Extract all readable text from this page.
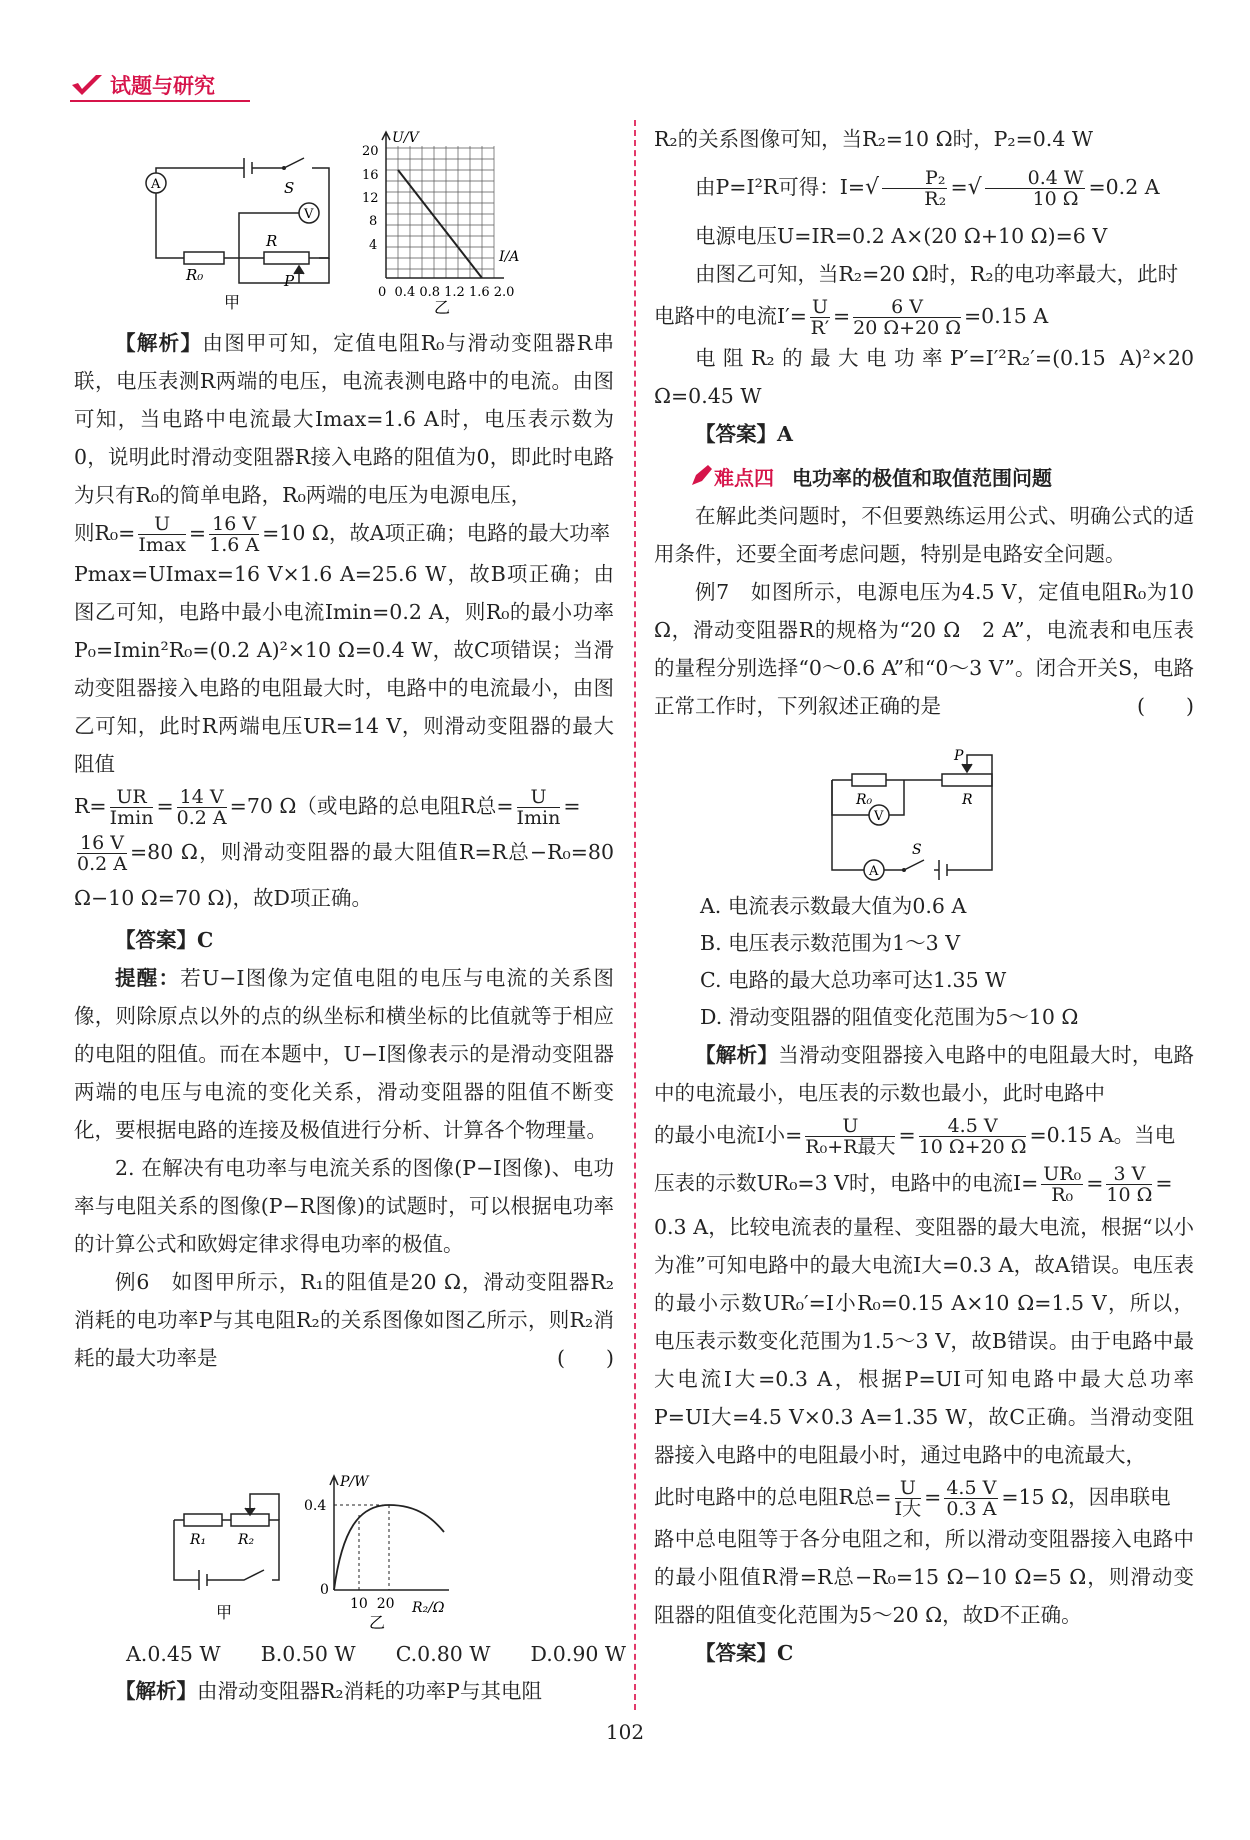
试题与研究
A
V
S
R
R₀	P
甲
U/V
20
16
12
8
4
I/A
0  0.4 0.8 1.2 1.6 2.0
乙

【解析】由图甲可知，定值电阻R₀与滑动变阻器R串联，电压表测R两端的电压，电流表测电路中的电流。由图可知，当电路中电流最大Imax=1.6 A时，电压表示数为0，说明此时滑动变阻器R接入电路的阻值为0，即此时电路为只有R₀的简单电路，R₀两端的电压为电源电压，

则$R_0= \frac{U}{Imax} = \frac{16 V}{1.6 A} =10$ Ω，故A项正确；电路的最大功率

Pmax=UImax=16 V×1.6 A=25.6 W，故B项正确；由图乙可知，电路中最小电流Imin=0.2 A，则R₀的最小功率P₀=Imin²R₀=(0.2 A)²×10 Ω=0.4 W，故C项错误；当滑动变阻器接入电路的电阻最大时，电路中的电流最小，由图乙可知，此时R两端电压UR=14 V，则滑动变阻器的最大阻值

$R= \frac{UR}{Imin} = \frac{14 V}{0.2 A} =70$ Ω（或电路的总电阻R总= $\frac{U}{Imin}$ =

$\frac{16 V}{0.2 A} =80$ Ω，则滑动变阻器的最大阻值R=R总−R₀=80 Ω−10 Ω=70 Ω)，故D项正确。

【答案】C

提醒：若U−I图像为定值电阻的电压与电流的关系图像，则除原点以外的点的纵坐标和横坐标的比值就等于相应的电阻的阻值。而在本题中，U−I图像表示的是滑动变阻器两端的电压与电流的变化关系，滑动变阻器的阻值不断变化，要根据电路的连接及极值进行分析、计算各个物理量。

2. 在解决有电功率与电流关系的图像(P−I图像)、电功率与电阻关系的图像(P−R图像)的试题时，可以根据电功率的计算公式和欧姆定律求得电功率的极值。

例6　如图甲所示，R₁的阻值是20 Ω，滑动变阻器R₂消耗的电功率P与其电阻R₂的关系图像如图乙所示，则R₂消耗的最大功率是	(　　)

R₁ R₂
甲
P/W
0.4
0
10  20 R₂/Ω
乙
A.0.45 W B.0.50 W C.0.80 W D.0.90 W

【解析】由滑动变阻器R₂消耗的功率P与其电阻

R₂的关系图像可知，当R₂=10 Ω时，P₂=0.4 W

由P=I²R可得：$I=√ \frac{\text{P₂}}{\text{R₂}}$ =√ $\frac{0.4 W}{10 \Omega} =0.2$ A

电源电压U=IR=0.2 A×(20 Ω+10 Ω)=6 V

由图乙可知，当R₂=20 Ω时，R₂的电功率最大，此时

电路中的电流$I'= \frac{U}{R'} = \frac{6 V}{20 \Omega+20 \Omega} =0.15$ A

电阻R₂的最大电功率P′=I′²R₂′=(0.15 A)²×20 Ω=0.45 W

【答案】A

难点四 电功率的极值和取值范围问题

在解此类问题时，不但要熟练运用公式、明确公式的适用条件，还要全面考虑问题，特别是电路安全问题。

例7　如图所示，电源电压为4.5 V，定值电阻R₀为10 Ω，滑动变阻器R的规格为“20 Ω　2 A”，电流表和电压表的量程分别选择“0～0.6 A”和“0～3 V”。闭合开关S，电路正常工作时，下列叙述正确的是	(　　)

P
R
R₀
V
A
S
A. 电流表示数最大值为0.6 A
B. 电压表示数范围为1～3 V
C. 电路的最大总功率可达1.35 W
D. 滑动变阻器的阻值变化范围为5～10 Ω

【解析】当滑动变阻器接入电路中的电阻最大时，电路中的电流最小，电压表的示数也最小，此时电路中

的最小电流I小= $\frac{U}{\text{R₀+R最大}} = \frac{4.5 V}{10 \Omega+20 \Omega} =0.15$ A。当电

压表的示数UR₀=3 V时，电路中的电流$I= \frac{\text{UR₀}}{\text{R₀}} = \frac{3 V}{10 \Omega}$ =

0.3 A，比较电流表的量程、变阻器的最大电流，根据“以小为准”可知电路中的最大电流I大=0.3 A，故A错误。电压表的最小示数UR₀′=I小R₀=0.15 A×10 Ω=1.5 V，所以，电压表示数变化范围为1.5～3 V，故B错误。由于电路中最大电流I大=0.3 A，根据P=UI可知电路中最大总功率P=UI大=4.5 V×0.3 A=1.35 W，故C正确。当滑动变阻器接入电路中的电阻最小时，通过电路中的电流最大，

此时电路中的总电阻R总= $\frac{U}{\text{I大}} = \frac{4.5 V}{0.3 A} =15$ Ω，因串联电

路中总电阻等于各分电阻之和，所以滑动变阻器接入电路中的最小阻值R滑=R总−R₀=15 Ω−10 Ω=5 Ω，则滑动变阻器的阻值变化范围为5～20 Ω，故D不正确。

【答案】C

102
